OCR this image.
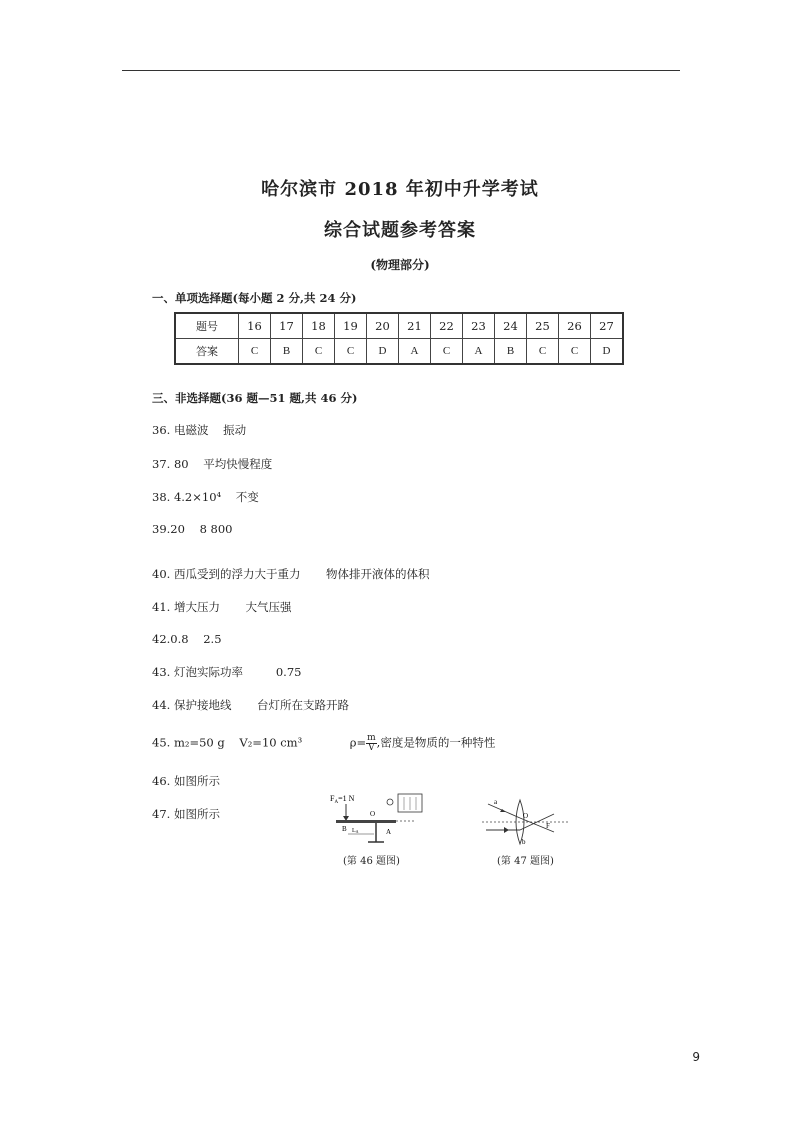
哈尔滨市 2018 年初中升学考试
综合试题参考答案
(物理部分)
一、单项选择题(每小题 2 分,共 24 分)
题号	16	17	18	19	20	21	22	23	24	25	26	27
答案	C	B	C	C	D	A	C	A	B	C	C	D
三、非选择题(36 题—51 题,共 46 分)
36. 电磁波 振动
37. 80 平均快慢程度
38. 4.2×10⁴ 不变
39.20 8 800
40. 西瓜受到的浮力大于重力 物体排开液体的体积
41. 增大压力 大气压强
42.0.8 2.5
43. 灯泡实际功率	0.75
44. 保护接地线 台灯所在支路开路
45. m₂=50 g V₂=10 cm³	$\rho= \frac{m}{V}$ ,密度是物质的一种特性
46. 如图所示
47. 如图所示
$F_A=1$ N
O
A
B LA
(第 46 题图)
a
b
O
F
(第 47 题图)
9
